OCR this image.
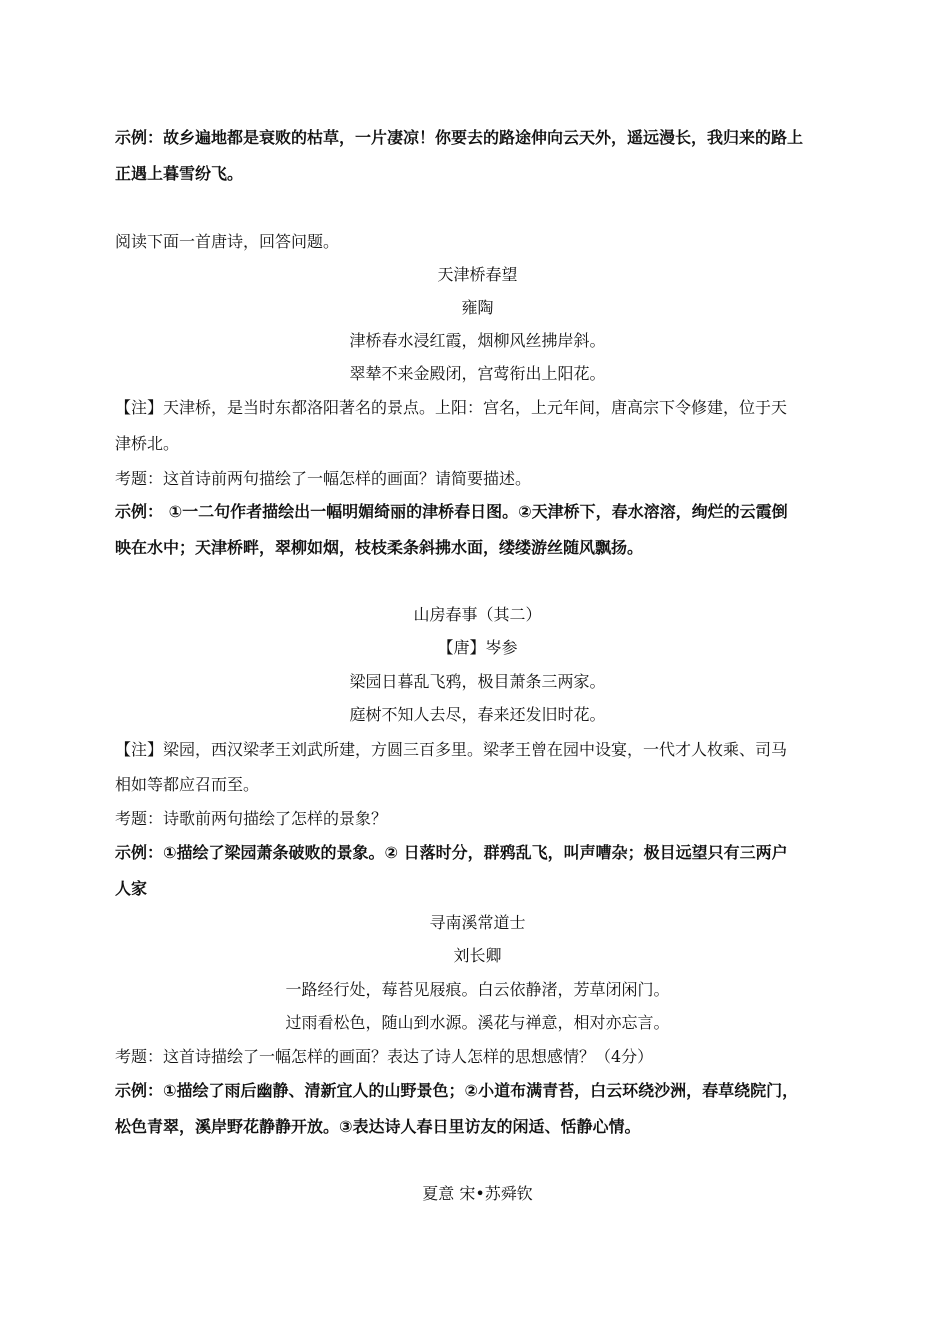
示例：故乡遍地都是衰败的枯草，一片凄凉！你要去的路途伸向云天外，遥远漫长，我归来的路上
正遇上暮雪纷飞。
阅读下面一首唐诗，回答问题。
天津桥春望
雍陶
津桥春水浸红霞，烟柳风丝拂岸斜。
翠辇不来金殿闭，宫莺衔出上阳花。
【注】天津桥，是当时东都洛阳著名的景点。上阳：宫名，上元年间，唐高宗下令修建，位于天
津桥北。
考题：这首诗前两句描绘了一幅怎样的画面？请简要描述。
示例： ①一二句作者描绘出一幅明媚绮丽的津桥春日图。②天津桥下，春水溶溶，绚烂的云霞倒
映在水中；天津桥畔，翠柳如烟，枝枝柔条斜拂水面，缕缕游丝随风飘扬。
山房春事（其二）
【唐】岑参
梁园日暮乱飞鸦，极目萧条三两家。
庭树不知人去尽，春来还发旧时花。
【注】梁园，西汉梁孝王刘武所建，方圆三百多里。梁孝王曾在园中设宴，一代才人枚乘、司马
相如等都应召而至。
考题：诗歌前两句描绘了怎样的景象？
示例：①描绘了梁园萧条破败的景象。② 日落时分，群鸦乱飞，叫声嘈杂；极目远望只有三两户
人家
寻南溪常道士
刘长卿
一路经行处，莓苔见屐痕。白云依静渚，芳草闭闲门。
过雨看松色，随山到水源。溪花与禅意，相对亦忘言。
考题：这首诗描绘了一幅怎样的画面？表达了诗人怎样的思想感情？（4分）
示例：①描绘了雨后幽静、清新宜人的山野景色；②小道布满青苔，白云环绕沙洲，春草绕院门，
松色青翠，溪岸野花静静开放。③表达诗人春日里访友的闲适、恬静心情。
夏意 宋•苏舜钦
